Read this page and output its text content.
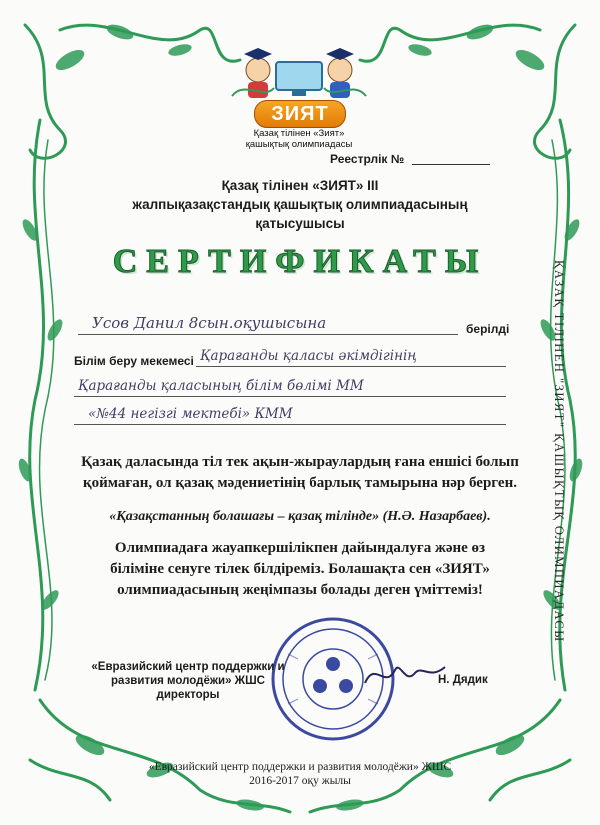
ЗИЯТ
Қазақ тілінен «Зият»
қашықтық олимпиадасы
Реестрлік №
Қазақ тілінен «ЗИЯТ» III
жалпықазақстандық қашықтық олимпиадасының
қатысушысы
СЕРТИФИКАТЫ
Усов Данил 8сын.оқушысына	берілді
Білім беру мекемесі Қарағанды қаласы әкімдігінің
Қарағанды қаласының білім бөлімі ММ
«№44 негізгі мектебі» КММ
Қазақ даласында тіл тек ақын-жыраулардың ғана еншісі болып
қоймаған, ол қазақ мәдениетінің барлық тамырына нәр берген.
«Қазақстанның болашағы – қазақ тілінде» (Н.Ә. Назарбаев).
Олимпиадаға жауапкершілікпен дайындалуға және өз
біліміне сенуге тілек білдіреміз. Болашақта сен «ЗИЯТ»
олимпиадасының жеңімпазы болады деген үміттеміз!
«Евразийский центр поддержки и
развития молодёжи» ЖШС директоры
Н. Дядик
«Евразийский центр поддержки и развития молодёжи» ЖШС
2016-2017 оқу жылы
ҚАЗАҚ ТІЛІНЕН "ЗИЯТ" ҚАШЫҚТЫҚ ОЛИМПИАДАСЫ
